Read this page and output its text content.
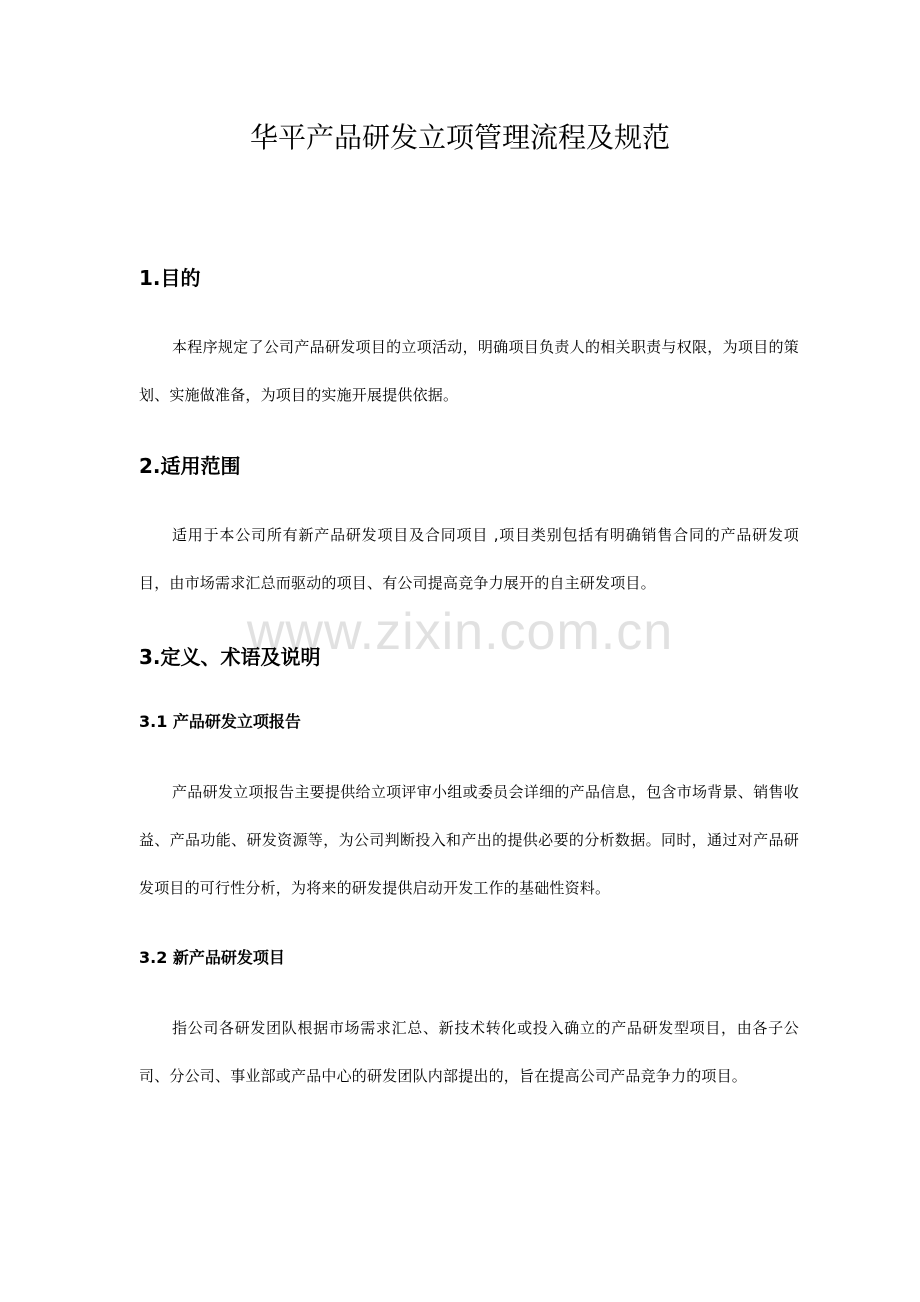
华平产品研发立项管理流程及规范
1.目的

本程序规定了公司产品研发项目的立项活动，明确项目负责人的相关职责与权限，为项目的策划、实施做准备，为项目的实施开展提供依据。

2.适用范围

适用于本公司所有新产品研发项目及合同项目 ,项目类别包括有明确销售合同的产品研发项目，由市场需求汇总而驱动的项目、有公司提高竞争力展开的自主研发项目。

www.zixin.com.cn
3.定义、术语及说明
3.1 产品研发立项报告

产品研发立项报告主要提供给立项评审小组或委员会详细的产品信息，包含市场背景、销售收益、产品功能、研发资源等，为公司判断投入和产出的提供必要的分析数据。同时，通过对产品研发项目的可行性分析，为将来的研发提供启动开发工作的基础性资料。

3.2 新产品研发项目

指公司各研发团队根据市场需求汇总、新技术转化或投入确立的产品研发型项目，由各子公司、分公司、事业部或产品中心的研发团队内部提出的，旨在提高公司产品竞争力的项目。
